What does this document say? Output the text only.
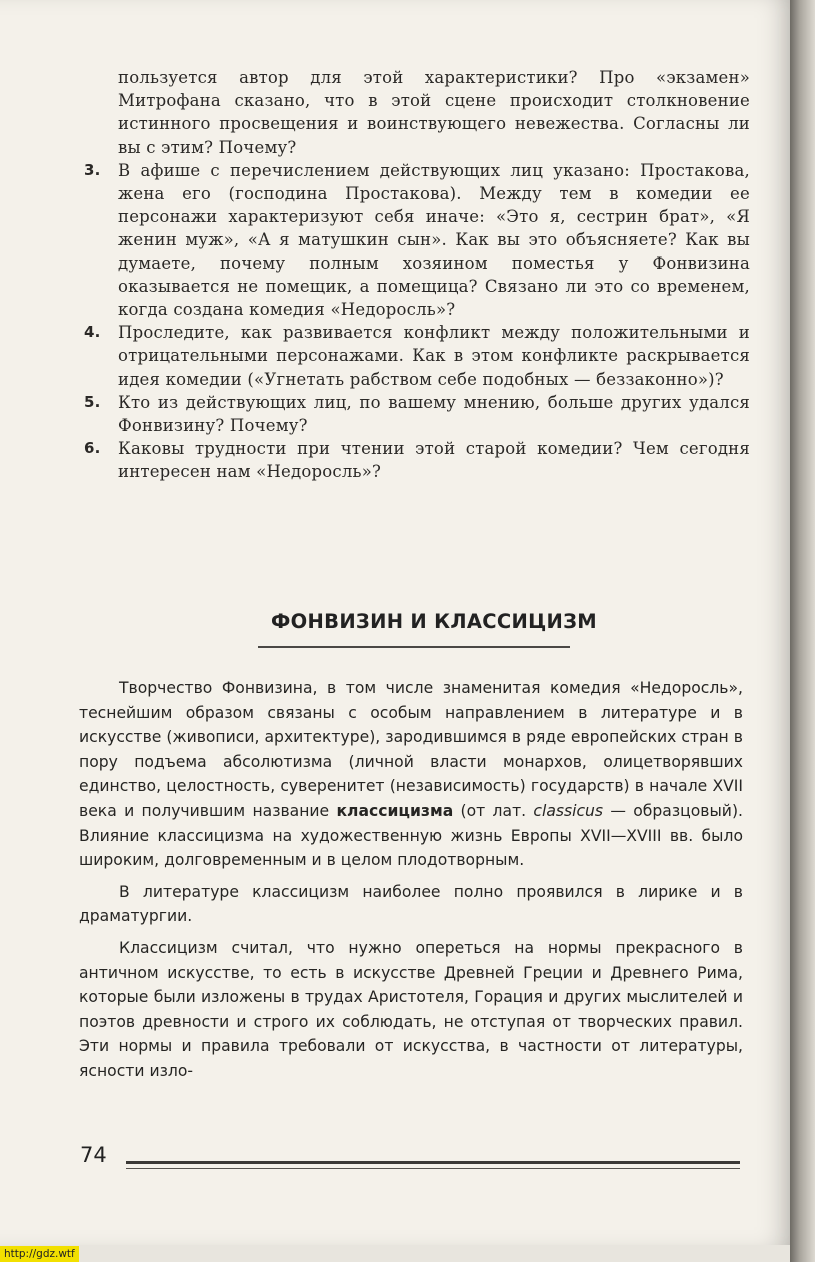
пользуется автор для этой характеристики? Про «экзамен» Митрофана сказано, что в этой сцене происходит столкновение истинного просвещения и воинствующего невежества. Согласны ли вы с этим? Почему?

3. В афише с перечислением действующих лиц указано: Простакова, жена его (господина Простакова). Между тем в комедии ее персонажи характеризуют себя иначе: «Это я, сестрин брат», «Я женин муж», «А я матушкин сын». Как вы это объясняете? Как вы думаете, почему полным хозяином поместья у Фонвизина оказывается не помещик, а помещица? Связано ли это со временем, когда создана комедия «Недоросль»?
4. Проследите, как развивается конфликт между положительными и отрицательными персонажами. Как в этом конфликте раскрывается идея комедии («Угнетать рабством себе подобных — беззаконно»)?
5. Кто из действующих лиц, по вашему мнению, больше других удался Фонвизину? Почему?
6. Каковы трудности при чтении этой старой комедии? Чем сегодня интересен нам «Недоросль»?
ФОНВИЗИН И КЛАССИЦИЗМ

Творчество Фонвизина, в том числе знаменитая комедия «Недоросль», теснейшим образом связаны с особым направлением в литературе и в искусстве (живописи, архитектуре), зародившимся в ряде европейских стран в пору подъема абсолютизма (личной власти монархов, олицетворявших единство, целостность, суверенитет (независимость) государств) в начале XVII века и получившим название классицизма (от лат. classicus — образцовый). Влияние классицизма на художественную жизнь Европы XVII—XVIII вв. было широким, долговременным и в целом плодотворным.

В литературе классицизм наиболее полно проявился в лирике и в драматургии.

Классицизм считал, что нужно опереться на нормы прекрасного в античном искусстве, то есть в искусстве Древней Греции и Древнего Рима, которые были изложены в трудах Аристотеля, Горация и других мыслителей и поэтов древности и строго их соблюдать, не отступая от творческих правил. Эти нормы и правила требовали от искусства, в частности от литературы, ясности изло-

74
http://gdz.wtf
